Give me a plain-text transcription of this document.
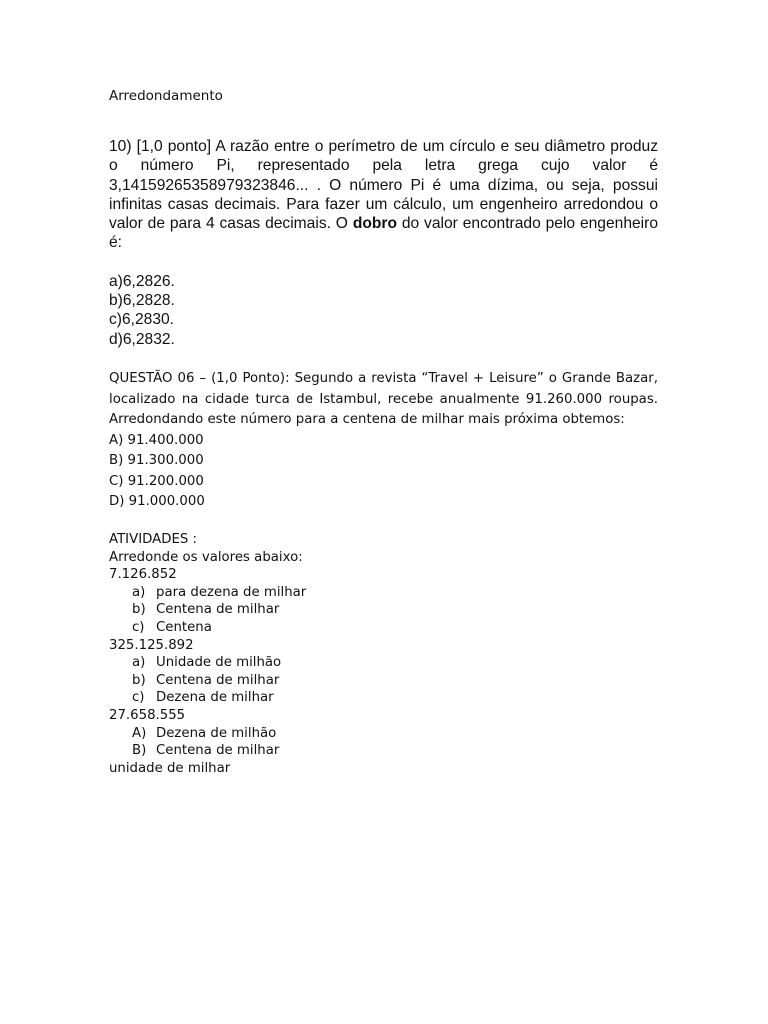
Arredondamento
10) [1,0 ponto] A razão entre o perímetro de um círculo e seu diâmetro produz o número Pi, representado pela letra grega cujo valor é 3,14159265358979323846... . O número Pi é uma dízima, ou seja, possui infinitas casas decimais. Para fazer um cálculo, um engenheiro arredondou o valor de para 4 casas decimais. O dobro do valor encontrado pelo engenheiro é:
a)6,2826.
b)6,2828.
c)6,2830.
d)6,2832.
QUESTÃO 06 – (1,0 Ponto): Segundo a revista “Travel + Leisure” o Grande Bazar, localizado na cidade turca de Istambul, recebe anualmente 91.260.000 roupas. Arredondando este número para a centena de milhar mais próxima obtemos:
A) 91.400.000
B) 91.300.000
C) 91.200.000
D) 91.000.000
ATIVIDADES :
Arredonde os valores abaixo:
7.126.852
a) para dezena de milhar
b) Centena de milhar
c) Centena
325.125.892
a) Unidade de milhão
b) Centena de milhar
c) Dezena de milhar
27.658.555
A) Dezena de milhão
B) Centena de milhar
unidade de milhar
